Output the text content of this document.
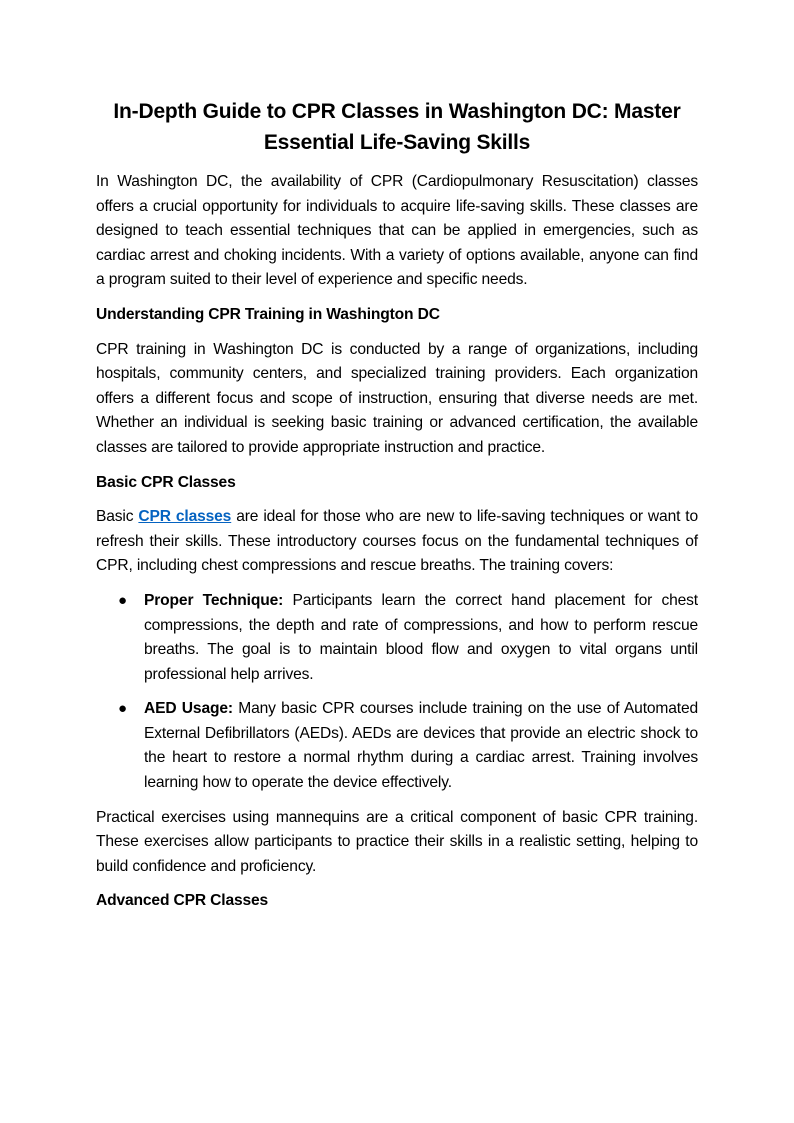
In-Depth Guide to CPR Classes in Washington DC: Master Essential Life-Saving Skills

In Washington DC, the availability of CPR (Cardiopulmonary Resuscitation) classes offers a crucial opportunity for individuals to acquire life-saving skills. These classes are designed to teach essential techniques that can be applied in emergencies, such as cardiac arrest and choking incidents. With a variety of options available, anyone can find a program suited to their level of experience and specific needs.

Understanding CPR Training in Washington DC

CPR training in Washington DC is conducted by a range of organizations, including hospitals, community centers, and specialized training providers. Each organization offers a different focus and scope of instruction, ensuring that diverse needs are met. Whether an individual is seeking basic training or advanced certification, the available classes are tailored to provide appropriate instruction and practice.

Basic CPR Classes

Basic CPR classes are ideal for those who are new to life-saving techniques or want to refresh their skills. These introductory courses focus on the fundamental techniques of CPR, including chest compressions and rescue breaths. The training covers:

● Proper Technique: Participants learn the correct hand placement for chest compressions, the depth and rate of compressions, and how to perform rescue breaths. The goal is to maintain blood flow and oxygen to vital organs until professional help arrives.
● AED Usage: Many basic CPR courses include training on the use of Automated External Defibrillators (AEDs). AEDs are devices that provide an electric shock to the heart to restore a normal rhythm during a cardiac arrest. Training involves learning how to operate the device effectively.

Practical exercises using mannequins are a critical component of basic CPR training. These exercises allow participants to practice their skills in a realistic setting, helping to build confidence and proficiency.

Advanced CPR Classes
